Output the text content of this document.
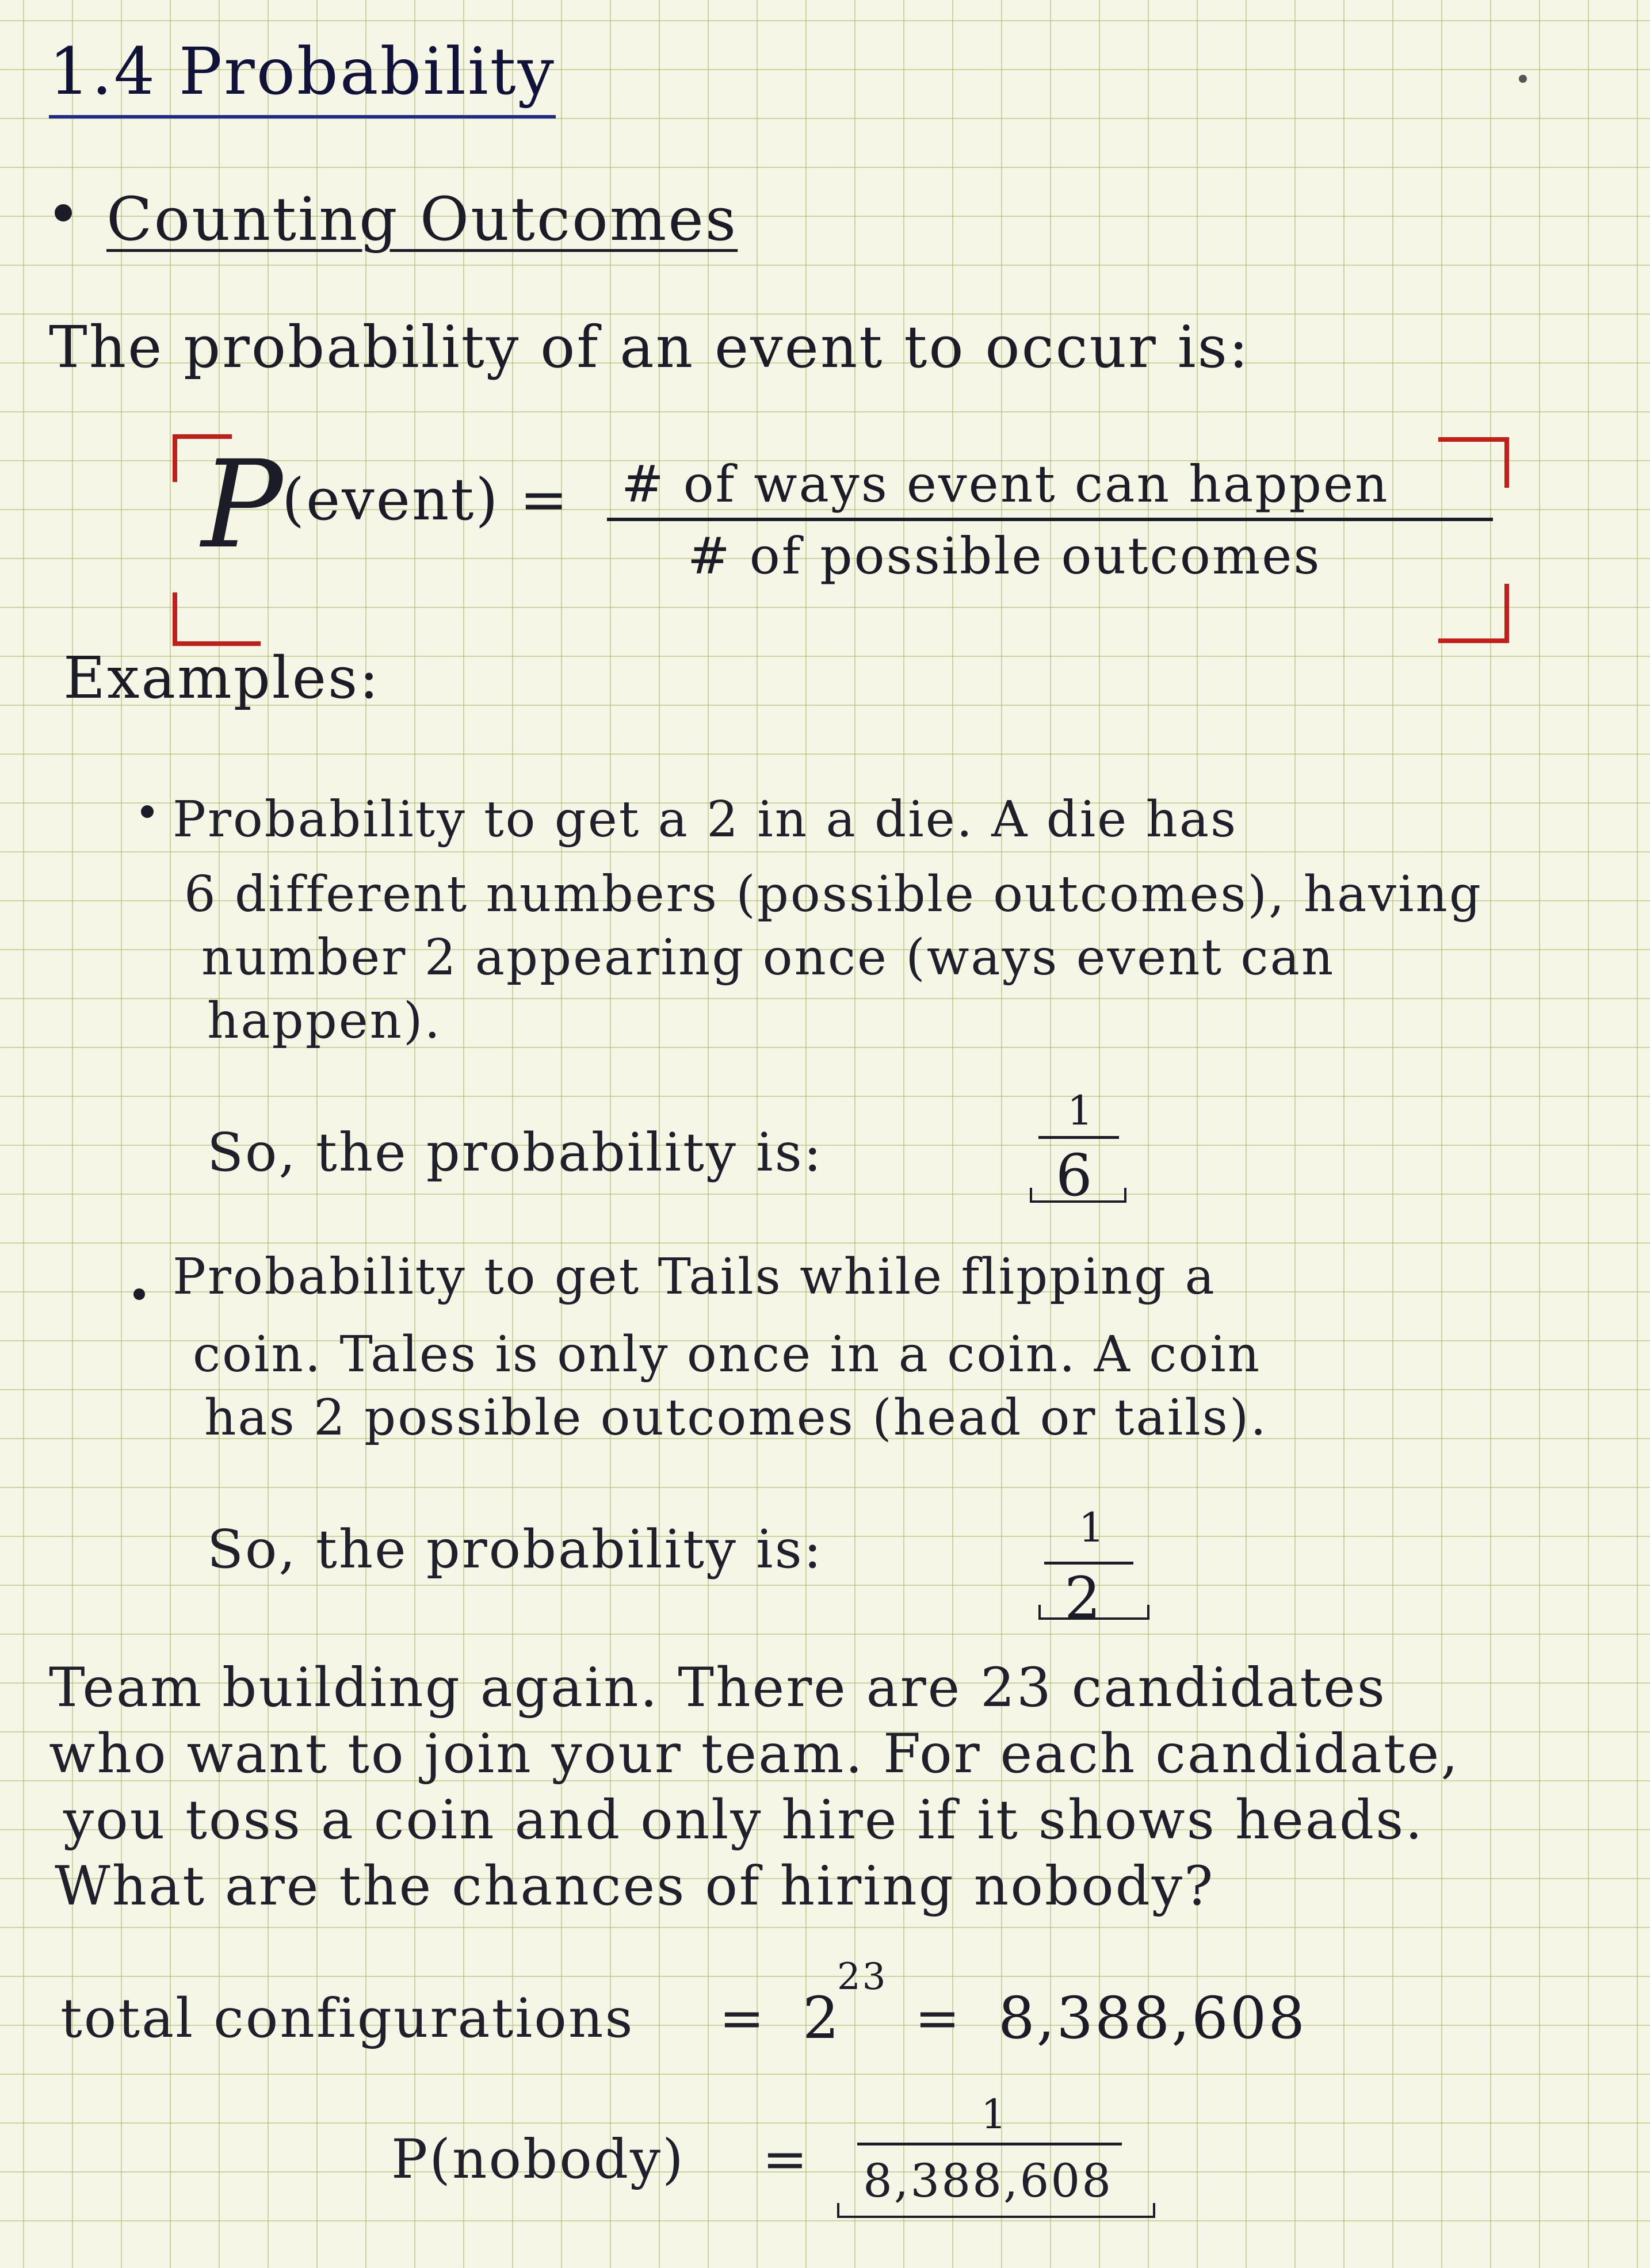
1.4 Probability
Counting Outcomes
The probability of an event to occur is:
P
(event) = # of ways event can happen
# of possible outcomes
Examples:
Probability to get a 2 in a die. A die has
6 different numbers (possible outcomes), having
number 2 appearing once (ways event can
happen).
So, the probability is:
1
6
Probability to get Tails while flipping a
coin. Tales is only once in a coin. A coin
has 2 possible outcomes (head or tails).
So, the probability is:	1
2
Team building again. There are 23 candidates
who want to join your team. For each candidate,
you toss a coin and only hire if it shows heads.
What are the chances of hiring nobody?
total configurations = 2
23
= 8,388,608
P(nobody) =
1
8,388,608
